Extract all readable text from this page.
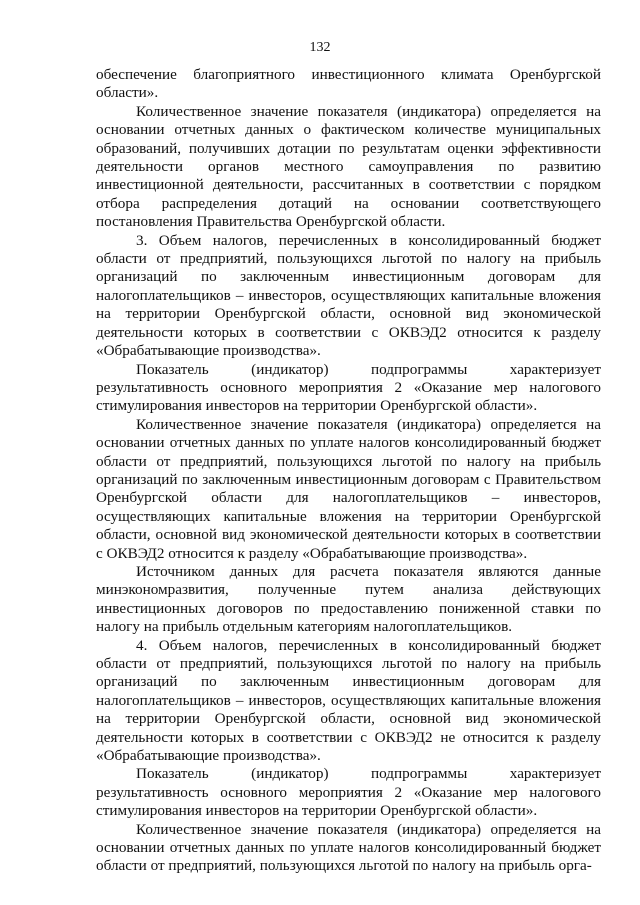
132

обеспечение благоприятного инвестиционного климата Оренбургской области».

Количественное значение показателя (индикатора) определяется на основании отчетных данных о фактическом количестве муниципальных образований, получивших дотации по результатам оценки эффективности деятельности органов местного самоуправления по развитию инвестиционной деятельности, рассчитанных в соответствии с порядком отбора распределения дотаций на основании соответствующего постановления Правительства Оренбургской области.

3. Объем налогов, перечисленных в консолидированный бюджет области от предприятий, пользующихся льготой по налогу на прибыль организаций по заключенным инвестиционным договорам для налогоплательщиков – инвесторов, осуществляющих капитальные вложения на территории Оренбургской области, основной вид экономической деятельности которых в соответствии с ОКВЭД2 относится к разделу «Обрабатывающие производства».

Показатель (индикатор) подпрограммы характеризует результативность основного мероприятия 2 «Оказание мер налогового стимулирования инвесторов на территории Оренбургской области».

Количественное значение показателя (индикатора) определяется на основании отчетных данных по уплате налогов консолидированный бюджет области от предприятий, пользующихся льготой по налогу на прибыль организаций по заключенным инвестиционным договорам с Правительством Оренбургской области для налогоплательщиков – инвесторов, осуществляющих капитальные вложения на территории Оренбургской области, основной вид экономической деятельности которых в соответствии с ОКВЭД2 относится к разделу «Обрабатывающие производства».

Источником данных для расчета показателя являются данные минэкономразвития, полученные путем анализа действующих инвестиционных договоров по предоставлению пониженной ставки по налогу на прибыль отдельным категориям налогоплательщиков.

4. Объем налогов, перечисленных в консолидированный бюджет области от предприятий, пользующихся льготой по налогу на прибыль организаций по заключенным инвестиционным договорам для налогоплательщиков – инвесторов, осуществляющих капитальные вложения на территории Оренбургской области, основной вид экономической деятельности которых в соответствии с ОКВЭД2 не относится к разделу «Обрабатывающие производства».

Показатель (индикатор) подпрограммы характеризует результативность основного мероприятия 2 «Оказание мер налогового стимулирования инвесторов на территории Оренбургской области».

Количественное значение показателя (индикатора) определяется на основании отчетных данных по уплате налогов консолидированный бюджет области от предприятий, пользующихся льготой по налогу на прибыль орга-
